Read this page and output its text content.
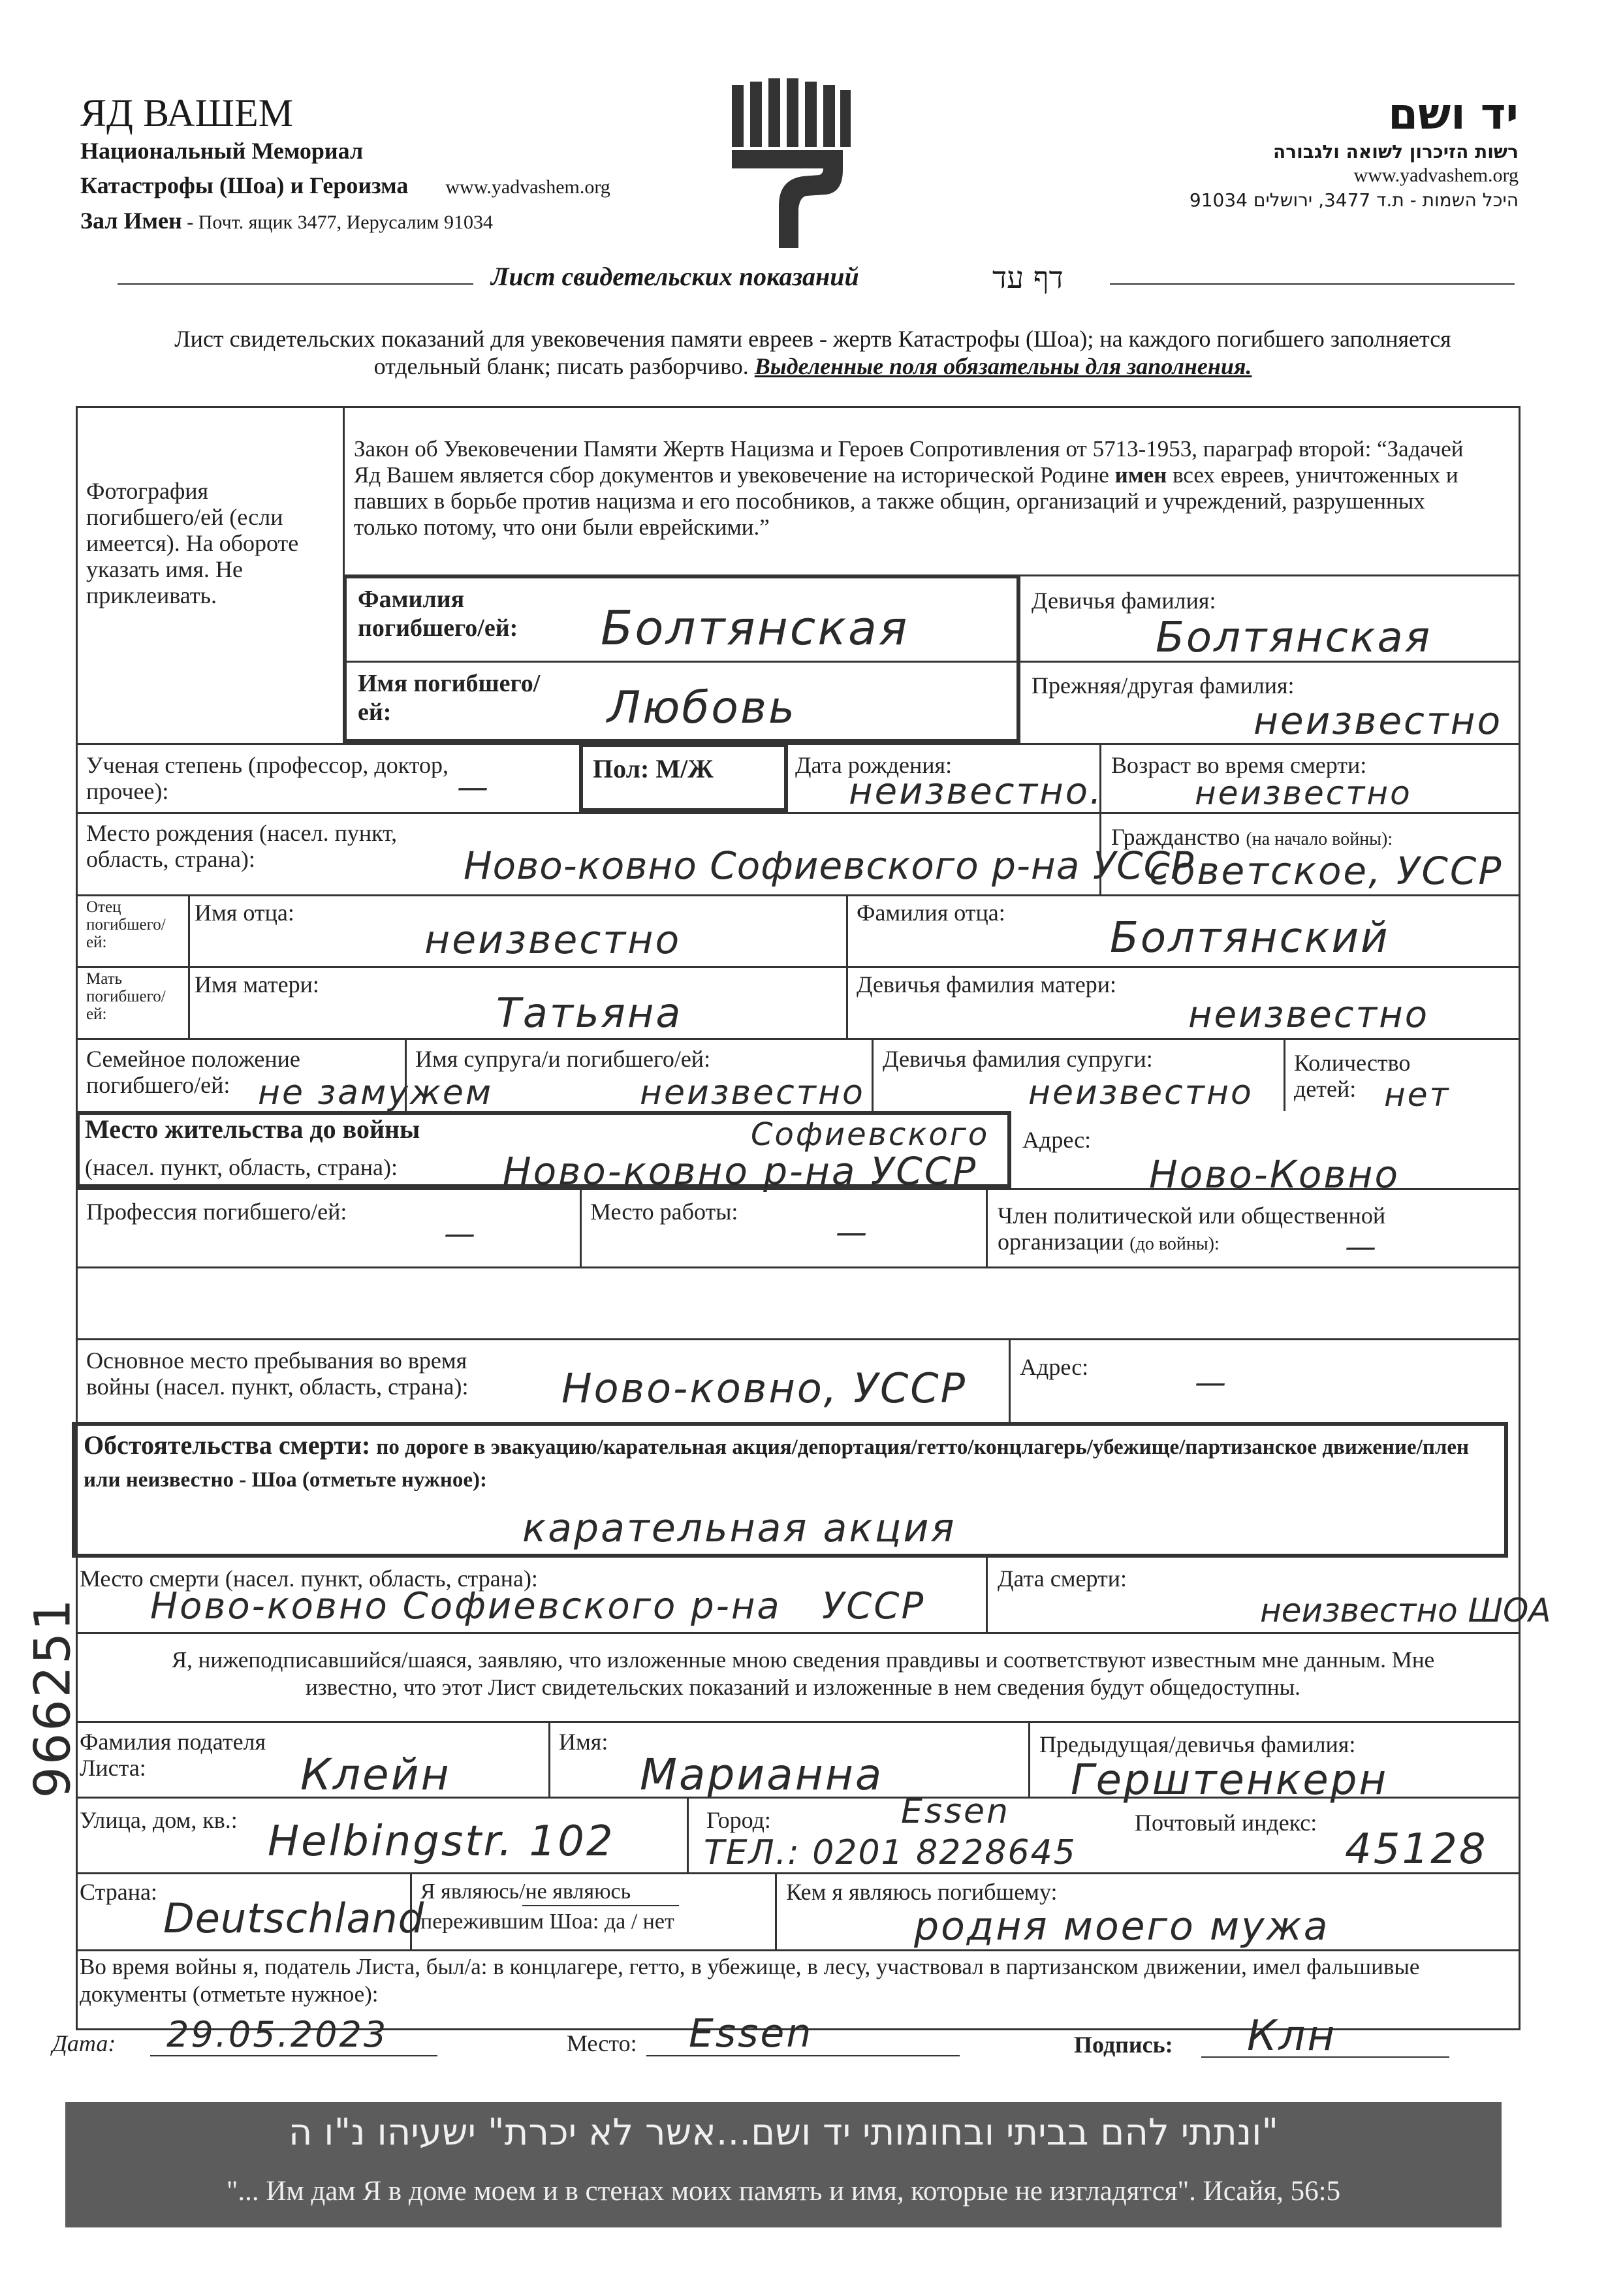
ЯД ВАШЕМ
Национальный Мемориал
Катастрофы (Шоа) и Героизма www.yadvashem.org
Зал Имен - Почт. ящик 3477, Иерусалим 91034
יד ושם
רשות הזיכרון לשואה ולגבורה
www.yadvashem.org
היכל השמות - ת.ד 3477, ירושלים 91034
Лист свидетельских показаний	דף עד
Лист свидетельских показаний для увековечения памяти евреев - жертв Катастрофы (Шоа); на каждого погибшего заполняется отдельный бланк; писать разборчиво. Выделенные поля обязательны для заполнения.
Фотография погибшего/ей (если имеется). На обороте указать имя. Не приклеивать.
Закон об Увековечении Памяти Жертв Нацизма и Героев Сопротивления от 5713-1953, параграф второй: “Задачей Яд Вашем является сбор документов и увековечение на исторической Родине имен всех евреев, уничтоженных и павших в борьбе против нацизма и его пособников, а также общин, организаций и учреждений, разрушенных только потому, что они были еврейскими.”
Фамилия погибшего/ей:	Болтянская
Имя погибшего/ей:	Любовь
Девичья фамилия:
Болтянская
Прежняя/другая фамилия:
неизвестно
Ученая степень (профессор, доктор, прочее):	—
Пол: М/Ж	Дата рождения:
неизвестно.
Возраст во время смерти:
неизвестно
Место рождения (насел. пункт, область, страна):	Ново-ковно Софиевского р-на УССР
Гражданство (на начало войны):
советское, УССР
Отец погибшего/ей:
Имя отца:
неизвестно
Фамилия отца:
Болтянский
Мать погибшего/ей:
Имя матери:
Татьяна
Девичья фамилия матери:
неизвестно
Семейное положение погибшего/ей: не замужем
Имя супруга/и погибшего/ей:
неизвестно
Девичья фамилия супруги:
неизвестно
Количество детей: нет
Место жительства до войны
(насел. пункт, область, страна):
Софиевского
Ново-ковно р-на УССР
Адрес:
Ново-Ковно
Профессия погибшего/ей:
—
Место работы:
—	Член политической или общественной организации (до войны):	—
Основное место пребывания во время войны (насел. пункт, область, страна):	Ново-ковно, УССР Адрес:	—
Обстоятельства смерти: по дороге в эвакуацию/карательная акция/депортация/гетто/концлагерь/убежище/партизанское движение/плен или неизвестно - Шоа (отметьте нужное):
карательная акция
Место смерти (насел. пункт, область, страна):
Ново-ковно Софиевского р-на   УССР
Дата смерти:
неизвестно ШОА
Я, нижеподписавшийся/шаяся, заявляю, что изложенные мною сведения правдивы и соответствуют известным мне данным. Мне известно, что этот Лист свидетельских показаний и изложенные в нем сведения будут общедоступны.
Фамилия подателя Листа:	Клейн
Имя:
Марианна
Предыдущая/девичья фамилия:
Герштенкерн
Улица, дом, кв.: Helbingstr. 102	Город:	Essen
ТЕЛ.: 0201 8228645
Почтовый индекс:
45128
Страна:
Deutschland
Я являюсь/не являюсь
пережившим Шоа: да / нет
Кем я являюсь погибшему:
родня моего мужа
Во время войны я, податель Листа, был/а: в концлагере, гетто, в убежище, в лесу, участвовал в партизанском движении, имел фальшивые документы (отметьте нужное):
Дата: 29.05.2023	Место: Essen	Подпись: Клн
"ונתתי להם בביתי ובחומותי יד ושם...אשר לא יכרת" ישעיהו נ"ו ה
"... Им дам Я в доме моем и в стенах моих память и имя, которые не изгладятся". Исайя, 56:5
966251
